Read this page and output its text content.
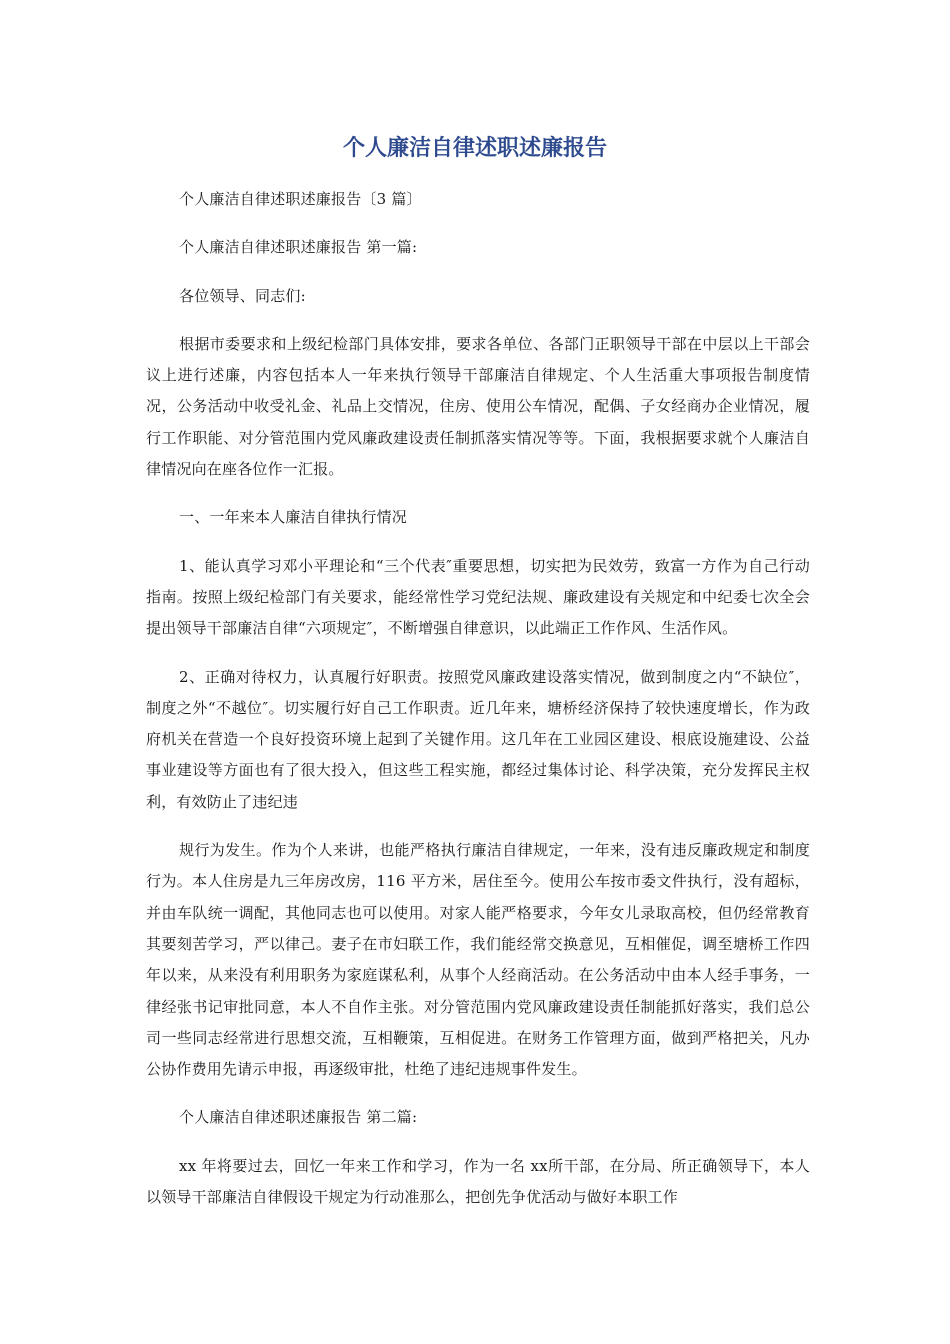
个人廉洁自律述职述廉报告

个人廉洁自律述职述廉报告〔3 篇〕

个人廉洁自律述职述廉报告 第一篇:

各位领导、同志们:

根据市委要求和上级纪检部门具体安排，要求各单位、各部门正职领导干部在中层以上干部会议上进行述廉，内容包括本人一年来执行领导干部廉洁自律规定、个人生活重大事项报告制度情况，公务活动中收受礼金、礼品上交情况，住房、使用公车情况，配偶、子女经商办企业情况，履行工作职能、对分管范围内党风廉政建设责任制抓落实情况等等。下面，我根据要求就个人廉洁自律情况向在座各位作一汇报。

一、一年来本人廉洁自律执行情况

1、能认真学习邓小平理论和“三个代表″重要思想，切实把为民效劳，致富一方作为自己行动指南。按照上级纪检部门有关要求，能经常性学习党纪法规、廉政建设有关规定和中纪委七次全会提出领导干部廉洁自律“六项规定″，不断增强自律意识，以此端正工作作风、生活作风。

2、正确对待权力，认真履行好职责。按照党风廉政建设落实情况，做到制度之内“不缺位″，制度之外“不越位″。切实履行好自己工作职责。近几年来，塘桥经济保持了较快速度增长，作为政府机关在营造一个良好投资环境上起到了关键作用。这几年在工业园区建设、根底设施建设、公益事业建设等方面也有了很大投入，但这些工程实施，都经过集体讨论、科学决策，充分发挥民主权利，有效防止了违纪违

规行为发生。作为个人来讲，也能严格执行廉洁自律规定，一年来，没有违反廉政规定和制度行为。本人住房是九三年房改房，116 平方米，居住至今。使用公车按市委文件执行，没有超标，并由车队统一调配，其他同志也可以使用。对家人能严格要求，今年女儿录取高校，但仍经常教育其要刻苦学习，严以律己。妻子在市妇联工作，我们能经常交换意见，互相催促，调至塘桥工作四年以来，从来没有利用职务为家庭谋私利，从事个人经商活动。在公务活动中由本人经手事务，一律经张书记审批同意，本人不自作主张。对分管范围内党风廉政建设责任制能抓好落实，我们总公司一些同志经常进行思想交流，互相鞭策，互相促进。在财务工作管理方面，做到严格把关，凡办公协作费用先请示申报，再逐级审批，杜绝了违纪违规事件发生。

个人廉洁自律述职述廉报告 第二篇:

xx 年将要过去，回忆一年来工作和学习，作为一名 xx所干部，在分局、所正确领导下，本人以领导干部廉洁自律假设干规定为行动准那么，把创先争优活动与做好本职工作
